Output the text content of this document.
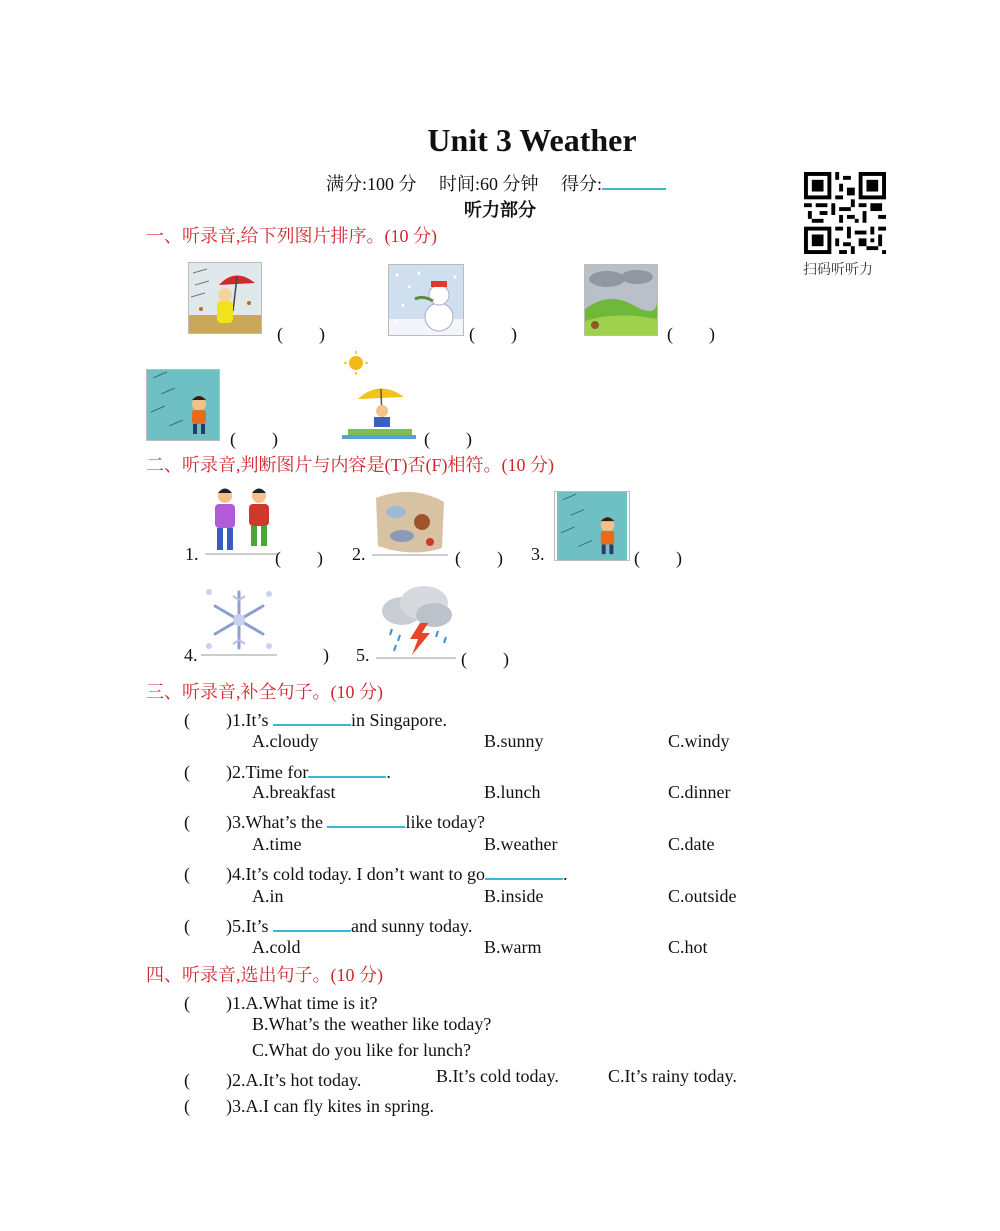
Unit 3 Weather
满分:100 分 时间:60 分钟 得分:
听力部分
扫码听听力
一、听录音,给下列图片排序。(10 分)
(　　)	(　　)	(　　)
(　　)	(　　)
二、听录音,判断图片与内容是(T)否(F)相符。(10 分)
1.	(　　) 2.	(　　) 3.	(　　)
4.	) 5.	(　　)
三、听录音,补全句子。(10 分)
(　　)1.It’s	in Singapore.
A.cloudy	B.sunny	C.windy
(　　)2.Time for	.
A.breakfast	B.lunch	C.dinner
(　　)3.What’s the	like today?
A.time	B.weather	C.date
(　　)4.It’s cold today. I don’t want to go	.
A.in	B.inside	C.outside
(　　)5.It’s	and sunny today.
A.cold	B.warm	C.hot
四、听录音,选出句子。(10 分)
(　　)1.A.What time is it?
B.What’s the weather like today?
C.What do you like for lunch?
(　　)2.A.It’s hot today.	B.It’s cold today.	C.It’s rainy today.
(　　)3.A.I can fly kites in spring.
